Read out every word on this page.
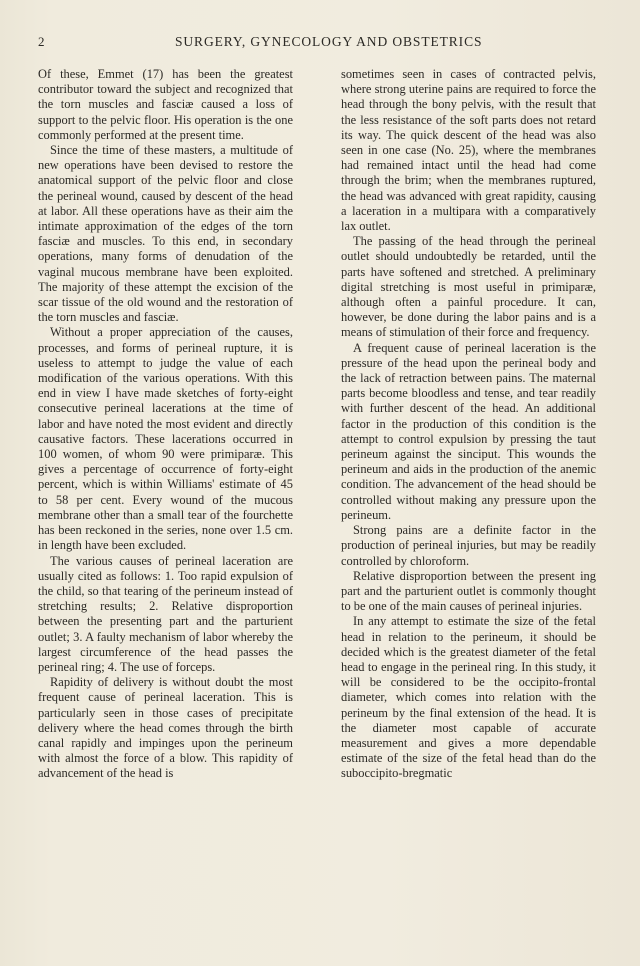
2	SURGERY, GYNECOLOGY AND OBSTETRICS

Of these, Emmet (17) has been the greatest contributor toward the subject and recognized that the torn muscles and fasciæ caused a loss of support to the pelvic floor. His operation is the one commonly performed at the present time.

Since the time of these masters, a multitude of new operations have been devised to restore the anatomical support of the pelvic floor and close the perineal wound, caused by descent of the head at labor. All these operations have as their aim the intimate approximation of the edges of the torn fasciæ and muscles. To this end, in secondary operations, many forms of denudation of the vaginal mucous membrane have been exploited. The majority of these attempt the excision of the scar tissue of the old wound and the restoration of the torn muscles and fasciæ.

Without a proper appreciation of the causes, processes, and forms of perineal rupture, it is useless to attempt to judge the value of each modification of the various operations. With this end in view I have made sketches of forty-eight consecutive perineal lacerations at the time of labor and have noted the most evident and directly causative factors. These lacerations occurred in 100 women, of whom 90 were primiparæ. This gives a percentage of occurrence of forty-eight percent, which is within Williams' estimate of 45 to 58 per cent. Every wound of the mucous membrane other than a small tear of the fourchette has been reckoned in the series, none over 1.5 cm. in length have been excluded.

The various causes of perineal laceration are usually cited as follows: 1. Too rapid expulsion of the child, so that tearing of the perineum instead of stretching results; 2. Relative disproportion between the presenting part and the parturient outlet; 3. A faulty mechanism of labor whereby the largest circumference of the head passes the perineal ring; 4. The use of forceps.

Rapidity of delivery is without doubt the most frequent cause of perineal laceration. This is particularly seen in those cases of precipitate delivery where the head comes through the birth canal rapidly and impinges upon the perineum with almost the force of a blow. This rapidity of advancement of the head is

sometimes seen in cases of contracted pelvis, where strong uterine pains are required to force the head through the bony pelvis, with the result that the less resistance of the soft parts does not retard its way. The quick descent of the head was also seen in one case (No. 25), where the membranes had remained intact until the head had come through the brim; when the membranes ruptured, the head was advanced with great rapidity, causing a laceration in a multipara with a comparatively lax outlet.

The passing of the head through the perineal outlet should undoubtedly be retarded, until the parts have softened and stretched. A preliminary digital stretching is most useful in primiparæ, although often a painful procedure. It can, however, be done during the labor pains and is a means of stimulation of their force and frequency.

A frequent cause of perineal laceration is the pressure of the head upon the perineal body and the lack of retraction between pains. The maternal parts become bloodless and tense, and tear readily with further descent of the head. An additional factor in the production of this condition is the attempt to control expulsion by pressing the taut perineum against the sinciput. This wounds the perineum and aids in the production of the anemic condition. The advancement of the head should be controlled without making any pressure upon the perineum.

Strong pains are a definite factor in the production of perineal injuries, but may be readily controlled by chloroform.

Relative disproportion between the present ing part and the parturient outlet is commonly thought to be one of the main causes of perineal injuries.

In any attempt to estimate the size of the fetal head in relation to the perineum, it should be decided which is the greatest diameter of the fetal head to engage in the perineal ring. In this study, it will be considered to be the occipito-frontal diameter, which comes into relation with the perineum by the final extension of the head. It is the diameter most capable of accurate measurement and gives a more dependable estimate of the size of the fetal head than do the suboccipito-bregmatic
